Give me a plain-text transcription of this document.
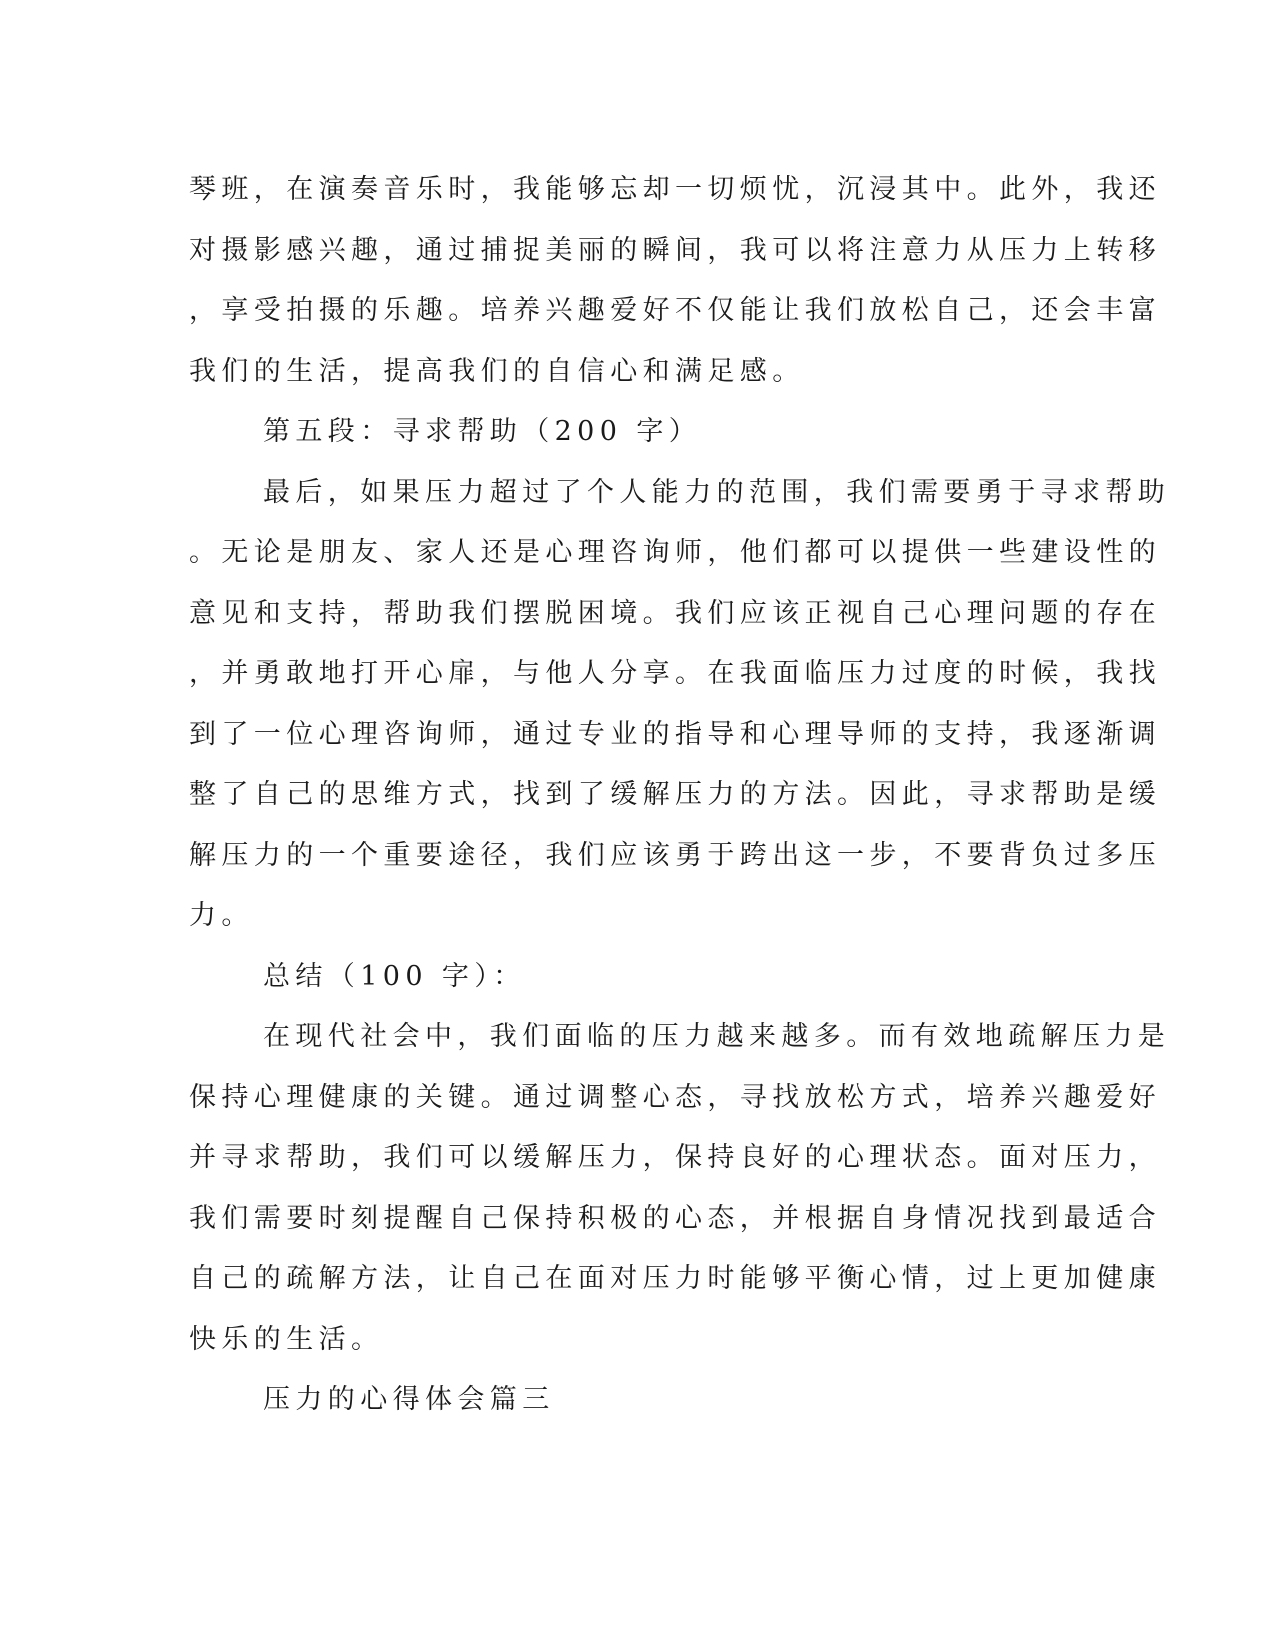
琴班，在演奏音乐时，我能够忘却一切烦忧，沉浸其中。此外，我还
对摄影感兴趣，通过捕捉美丽的瞬间，我可以将注意力从压力上转移
，享受拍摄的乐趣。培养兴趣爱好不仅能让我们放松自己，还会丰富
我们的生活，提高我们的自信心和满足感。
第五段：寻求帮助（200 字）
最后，如果压力超过了个人能力的范围，我们需要勇于寻求帮助
。无论是朋友、家人还是心理咨询师，他们都可以提供一些建设性的
意见和支持，帮助我们摆脱困境。我们应该正视自己心理问题的存在
，并勇敢地打开心扉，与他人分享。在我面临压力过度的时候，我找
到了一位心理咨询师，通过专业的指导和心理导师的支持，我逐渐调
整了自己的思维方式，找到了缓解压力的方法。因此，寻求帮助是缓
解压力的一个重要途径，我们应该勇于跨出这一步，不要背负过多压
力。
总结（100 字）：
在现代社会中，我们面临的压力越来越多。而有效地疏解压力是
保持心理健康的关键。通过调整心态，寻找放松方式，培养兴趣爱好
并寻求帮助，我们可以缓解压力，保持良好的心理状态。面对压力，
我们需要时刻提醒自己保持积极的心态，并根据自身情况找到最适合
自己的疏解方法，让自己在面对压力时能够平衡心情，过上更加健康
快乐的生活。
压力的心得体会篇三
